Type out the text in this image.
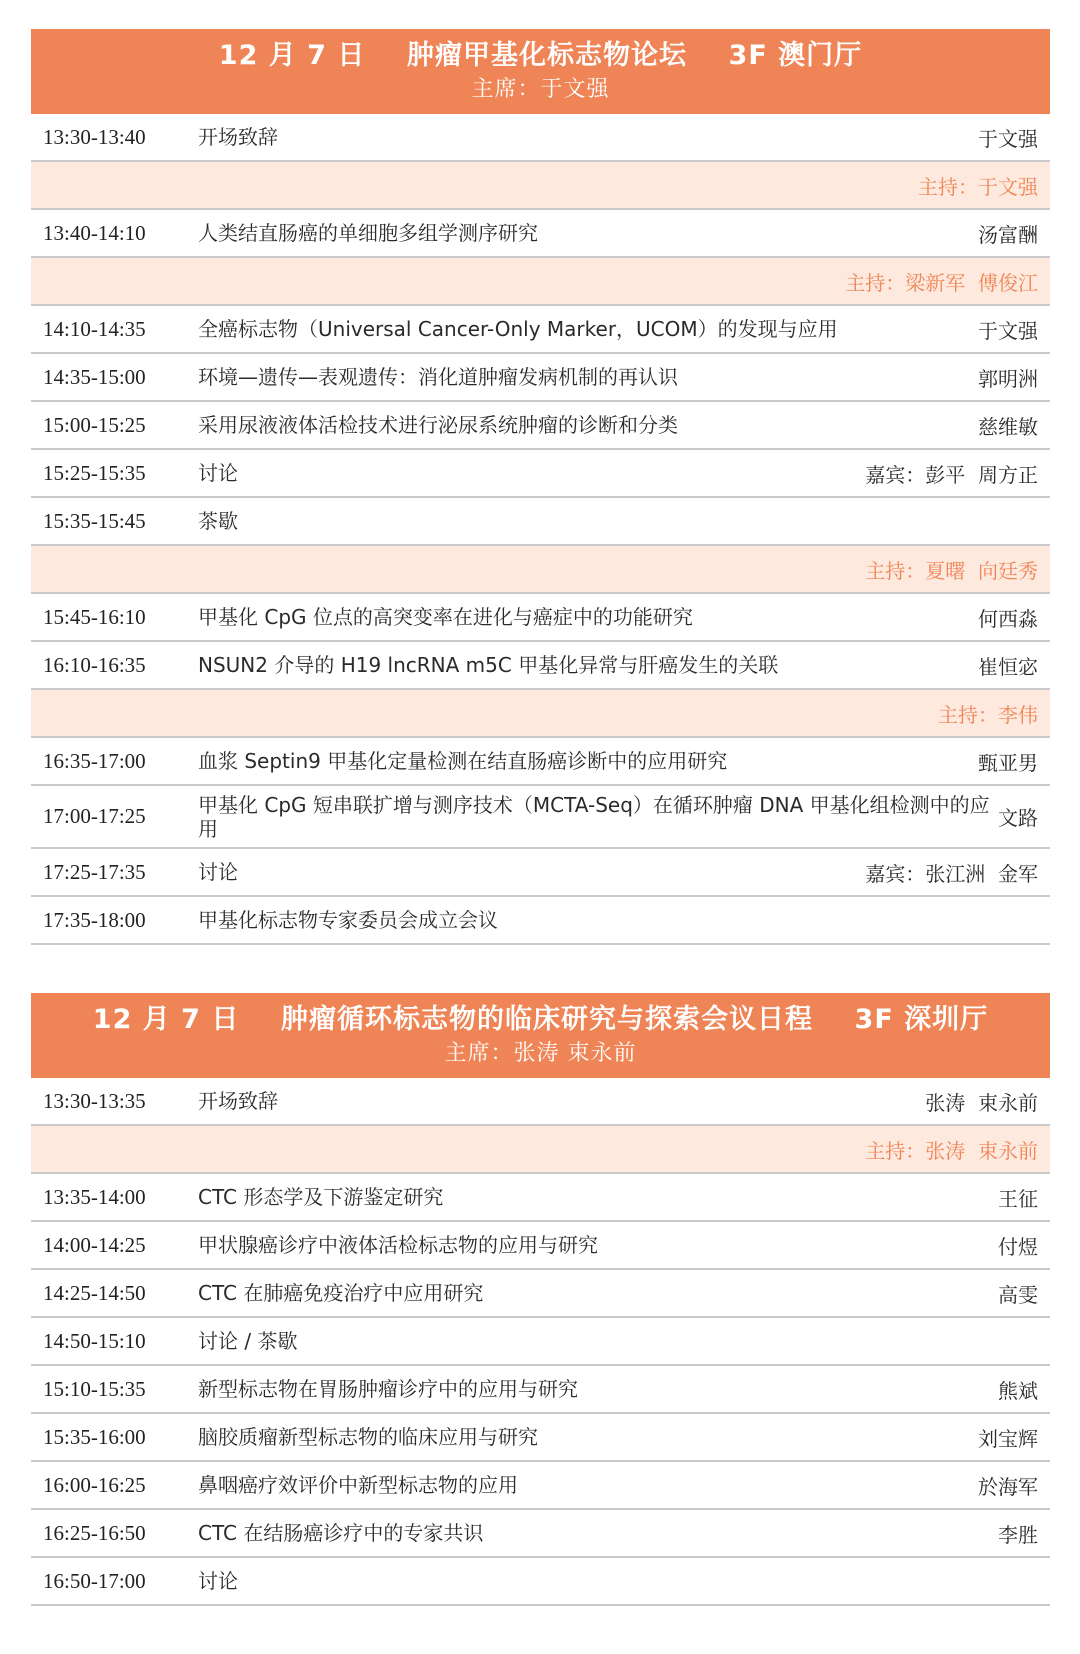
12 月 7 日    肿瘤甲基化标志物论坛    3F 澳门厅
主席：于文强
13:30-13:40	开场致辞	于文强
主持：于文强
13:40-14:10	人类结直肠癌的单细胞多组学测序研究	汤富酬
主持：梁新军  傅俊江
14:10-14:35	全癌标志物（Universal Cancer-Only Marker，UCOM）的发现与应用	于文强
14:35-15:00	环境—遗传—表观遗传：消化道肿瘤发病机制的再认识	郭明洲
15:00-15:25	采用尿液液体活检技术进行泌尿系统肿瘤的诊断和分类	慈维敏
15:25-15:35	讨论	嘉宾：彭平  周方正
15:35-15:45	茶歇
主持：夏曙  向廷秀
15:45-16:10	甲基化 CpG 位点的高突变率在进化与癌症中的功能研究	何西淼
16:10-16:35	NSUN2 介导的 H19 lncRNA m5C 甲基化异常与肝癌发生的关联	崔恒宓
主持：李伟
16:35-17:00	血浆 Septin9 甲基化定量检测在结直肠癌诊断中的应用研究	甄亚男
17:00-17:25	甲基化 CpG 短串联扩增与测序技术（MCTA-Seq）在循环肿瘤 DNA 甲基化组检测中的应用	文路
17:25-17:35	讨论	嘉宾：张江洲  金军
17:35-18:00	甲基化标志物专家委员会成立会议
12 月 7 日    肿瘤循环标志物的临床研究与探索会议日程    3F 深圳厅
主席：张涛 束永前
13:30-13:35	开场致辞	张涛  束永前
主持：张涛  束永前
13:35-14:00	CTC 形态学及下游鉴定研究	王征
14:00-14:25	甲状腺癌诊疗中液体活检标志物的应用与研究	付煜
14:25-14:50	CTC 在肺癌免疫治疗中应用研究	高雯
14:50-15:10	讨论 / 茶歇
15:10-15:35	新型标志物在胃肠肿瘤诊疗中的应用与研究	熊斌
15:35-16:00	脑胶质瘤新型标志物的临床应用与研究	刘宝辉
16:00-16:25	鼻咽癌疗效评价中新型标志物的应用	於海军
16:25-16:50	CTC 在结肠癌诊疗中的专家共识	李胜
16:50-17:00	讨论
